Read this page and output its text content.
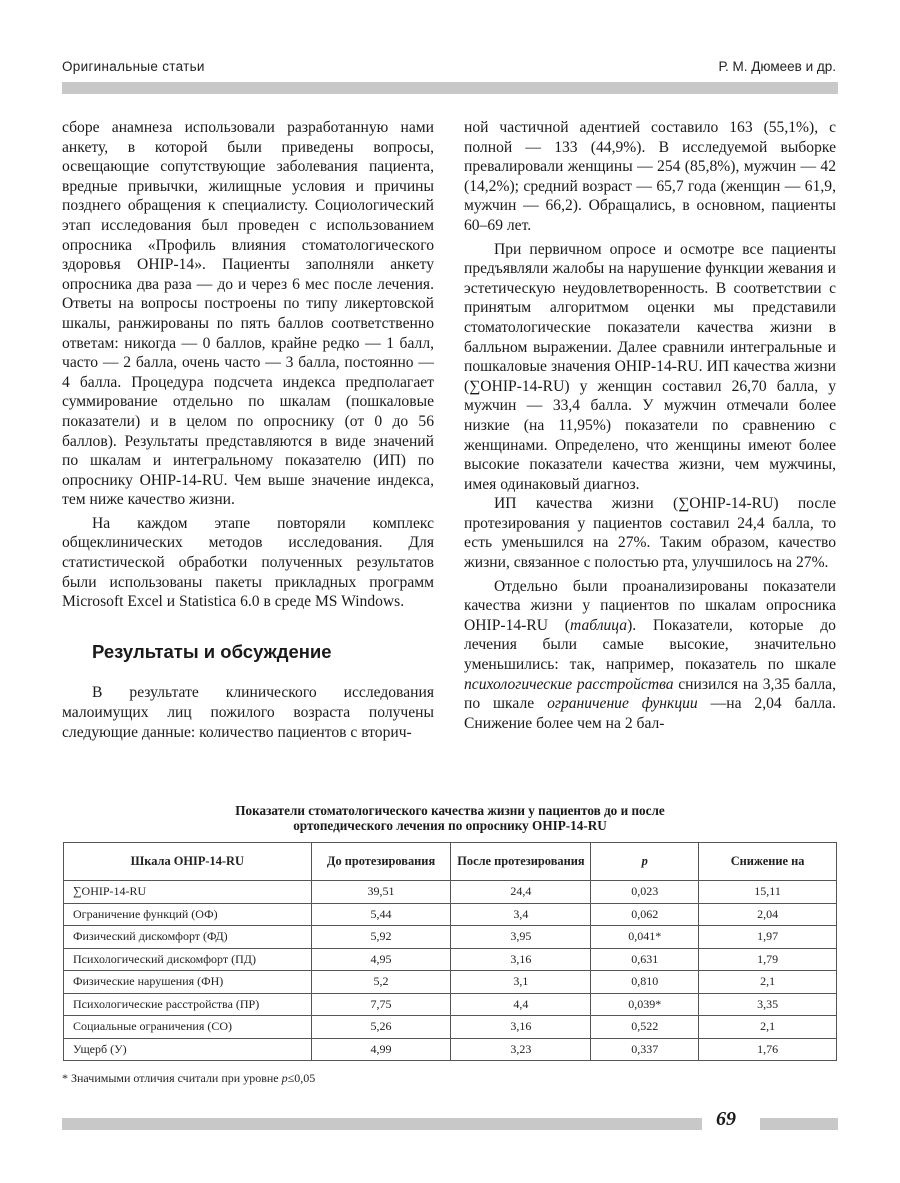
Оригинальные статьи	Р. М. Дюмеев и др.

сборе анамнеза использовали разработанную нами анкету, в которой были приведены вопросы, освещающие сопутствующие заболевания пациента, вредные привычки, жилищные условия и причины позднего обращения к специалисту. Социологический этап исследования был проведен с использованием опросника «Профиль влияния стоматологического здоровья OHIP-14». Пациенты заполняли анкету опросника два раза — до и через 6 мес после лечения. Ответы на вопросы построены по типу ликертовской шкалы, ранжированы по пять баллов соответственно ответам: никогда — 0 баллов, крайне редко — 1 балл, часто — 2 балла, очень часто — 3 балла, постоянно — 4 балла. Процедура подсчета индекса предполагает суммирование отдельно по шкалам (пошкаловые показатели) и в целом по опроснику (от 0 до 56 баллов). Результаты представляются в виде значений по шкалам и интегральному показателю (ИП) по опроснику OHIP-14-RU. Чем выше значение индекса, тем ниже качество жизни.

На каждом этапе повторяли комплекс общеклинических методов исследования. Для статистической обработки полученных результатов были использованы пакеты прикладных программ Microsoft Excel и Statistica 6.0 в среде MS Windows.

Результаты и обсуждение

В результате клинического исследования малоимущих лиц пожилого возраста получены следующие данные: количество пациентов с вторич-

ной частичной адентией составило 163 (55,1%), с полной — 133 (44,9%). В исследуемой выборке превалировали женщины — 254 (85,8%), мужчин — 42 (14,2%); средний возраст — 65,7 года (женщин — 61,9, мужчин — 66,2). Обращались, в основном, пациенты 60–69 лет.

При первичном опросе и осмотре все пациенты предъявляли жалобы на нарушение функции жевания и эстетическую неудовлетворенность. В соответствии с принятым алгоритмом оценки мы представили стоматологические показатели качества жизни в балльном выражении. Далее сравнили интегральные и пошкаловые значения OHIP-14-RU. ИП качества жизни (∑OHIP-14-RU) у женщин составил 26,70 балла, у мужчин — 33,4 балла. У мужчин отмечали более низкие (на 11,95%) показатели по сравнению с женщинами. Определено, что женщины имеют более высокие показатели качества жизни, чем мужчины, имея одинаковый диагноз.

ИП качества жизни (∑OHIP-14-RU) после протезирования у пациентов составил 24,4 балла, то есть уменьшился на 27%. Таким образом, качество жизни, связанное с полостью рта, улучшилось на 27%.

Отдельно были проанализированы показатели качества жизни у пациентов по шкалам опросника OHIP-14-RU (таблица). Показатели, которые до лечения были самые высокие, значительно уменьшились: так, например, показатель по шкале психологические расстройства снизился на 3,35 балла, по шкале ограничение функции —на 2,04 балла. Снижение более чем на 2 бал-

Показатели стоматологического качества жизни у пациентов до и после
ортопедического лечения по опроснику OHIP-14-RU
Шкала OHIP-14-RU	До протезирования	После протезирования	p	Снижение на
∑OHIP-14-RU	39,51	24,4	0,023	15,11
Ограничение функций (ОФ)	5,44	3,4	0,062	2,04
Физический дискомфорт (ФД)	5,92	3,95	0,041*	1,97
Психологический дискомфорт (ПД)	4,95	3,16	0,631	1,79
Физические нарушения (ФН)	5,2	3,1	0,810	2,1
Психологические расстройства (ПР)	7,75	4,4	0,039*	3,35
Социальные ограничения (СО)	5,26	3,16	0,522	2,1
Ущерб (У)	4,99	3,23	0,337	1,76
* Значимыми отличия считали при уровне p≤0,05
69
